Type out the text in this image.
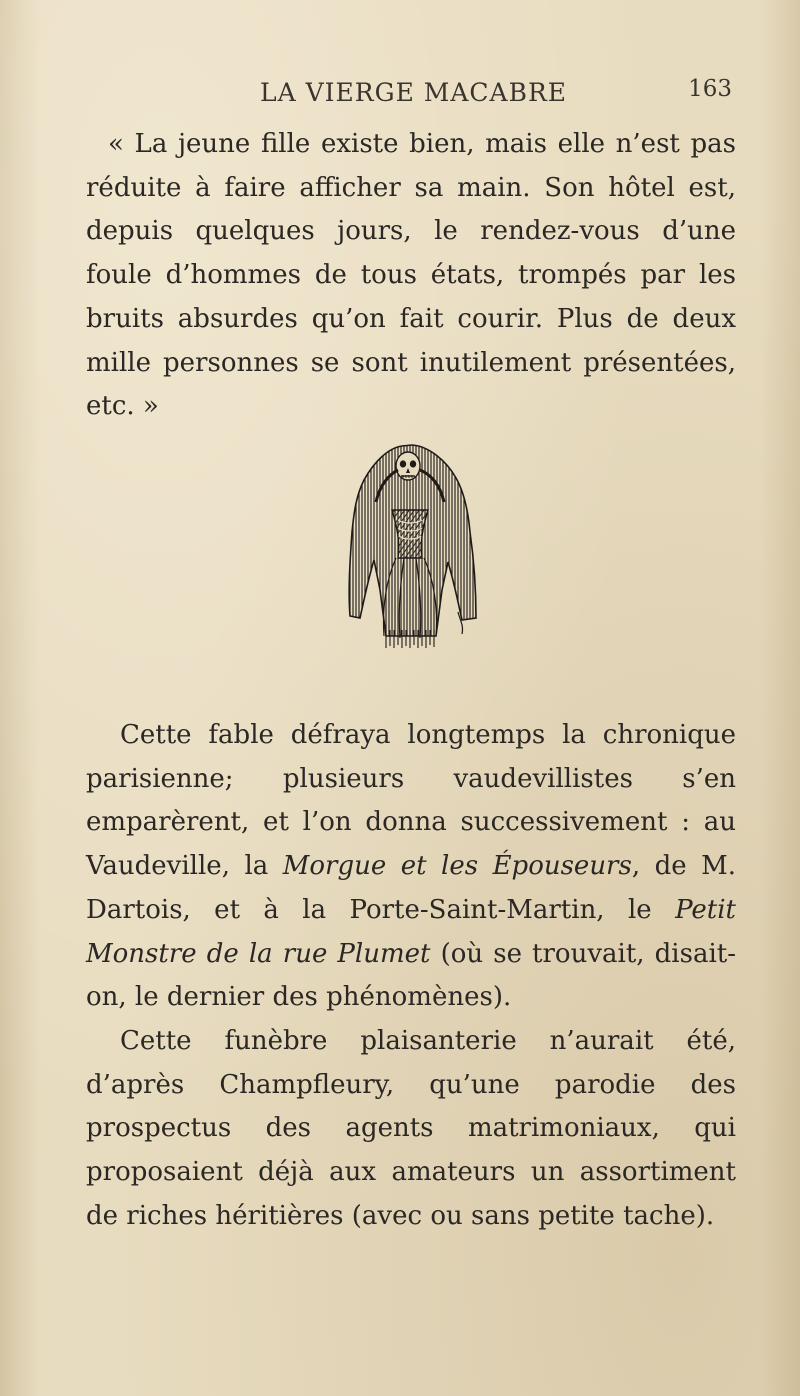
LA VIERGE MACABRE	163

« La jeune fille existe bien, mais elle n’est pas réduite à faire afficher sa main. Son hôtel est, depuis quelques jours, le rendez-vous d’une foule d’hommes de tous états, trompés par les bruits absurdes qu’on fait courir. Plus de deux mille personnes se sont inutilement présentées, etc. »

Cette fable défraya longtemps la chronique parisienne; plusieurs vaudevillistes s’en emparèrent, et l’on donna successivement : au Vaudeville, la Morgue et les Épouseurs, de M. Dartois, et à la Porte-Saint-Martin, le Petit Monstre de la rue Plumet (où se trouvait, disait-on, le dernier des phénomènes).

Cette funèbre plaisanterie n’aurait été, d’après Champfleury, qu’une parodie des prospectus des agents matrimoniaux, qui proposaient déjà aux amateurs un assortiment de riches héritières (avec ou sans petite tache).
